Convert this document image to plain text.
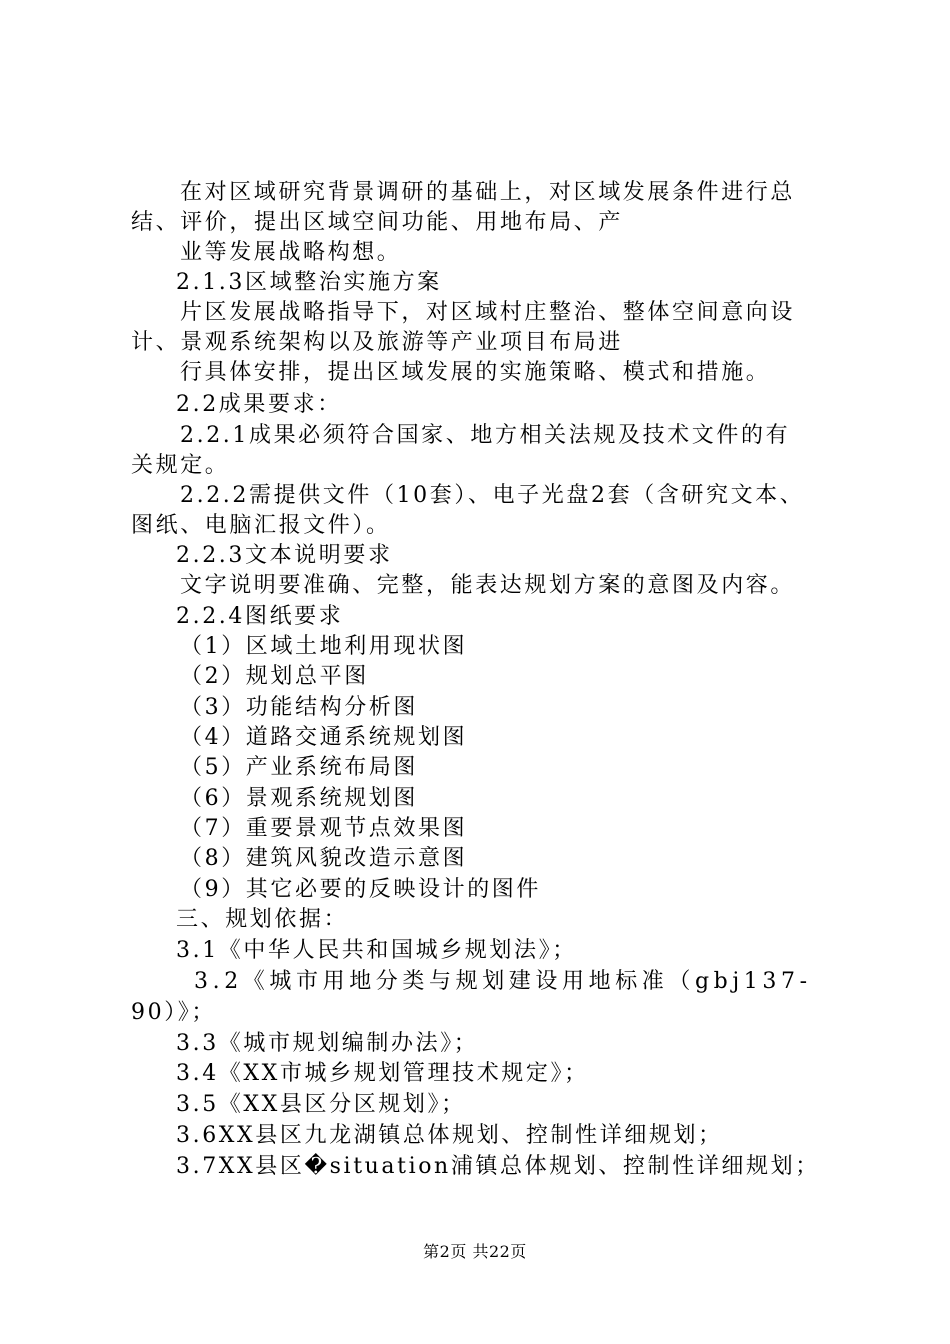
在对区域研究背景调研的基础上，对区域发展条件进行总
结、评价，提出区域空间功能、用地布局、产
业等发展战略构想。
2.1.3区域整治实施方案
片区发展战略指导下，对区域村庄整治、整体空间意向设
计、景观系统架构以及旅游等产业项目布局进
行具体安排，提出区域发展的实施策略、模式和措施。
2.2成果要求：
2.2.1成果必须符合国家、地方相关法规及技术文件的有
关规定。
2.2.2需提供文件（10套）、电子光盘2套（含研究文本、
图纸、电脑汇报文件）。
2.2.3文本说明要求
文字说明要准确、完整，能表达规划方案的意图及内容。
2.2.4图纸要求
（1）区域土地利用现状图
（2）规划总平图
（3）功能结构分析图
（4）道路交通系统规划图
（5）产业系统布局图
（6）景观系统规划图
（7）重要景观节点效果图
（8）建筑风貌改造示意图
（9）其它必要的反映设计的图件
三、规划依据：
3.1《中华人民共和国城乡规划法》；
3.2《城市用地分类与规划建设用地标准（gbj137-
90）》；
3.3《城市规划编制办法》；
3.4《XX市城乡规划管理技术规定》；
3.5《XX县区分区规划》；
3.6XX县区九龙湖镇总体规划、控制性详细规划；
3.7XX县区�situation浦镇总体规划、控制性详细规划；
第2页 共22页
